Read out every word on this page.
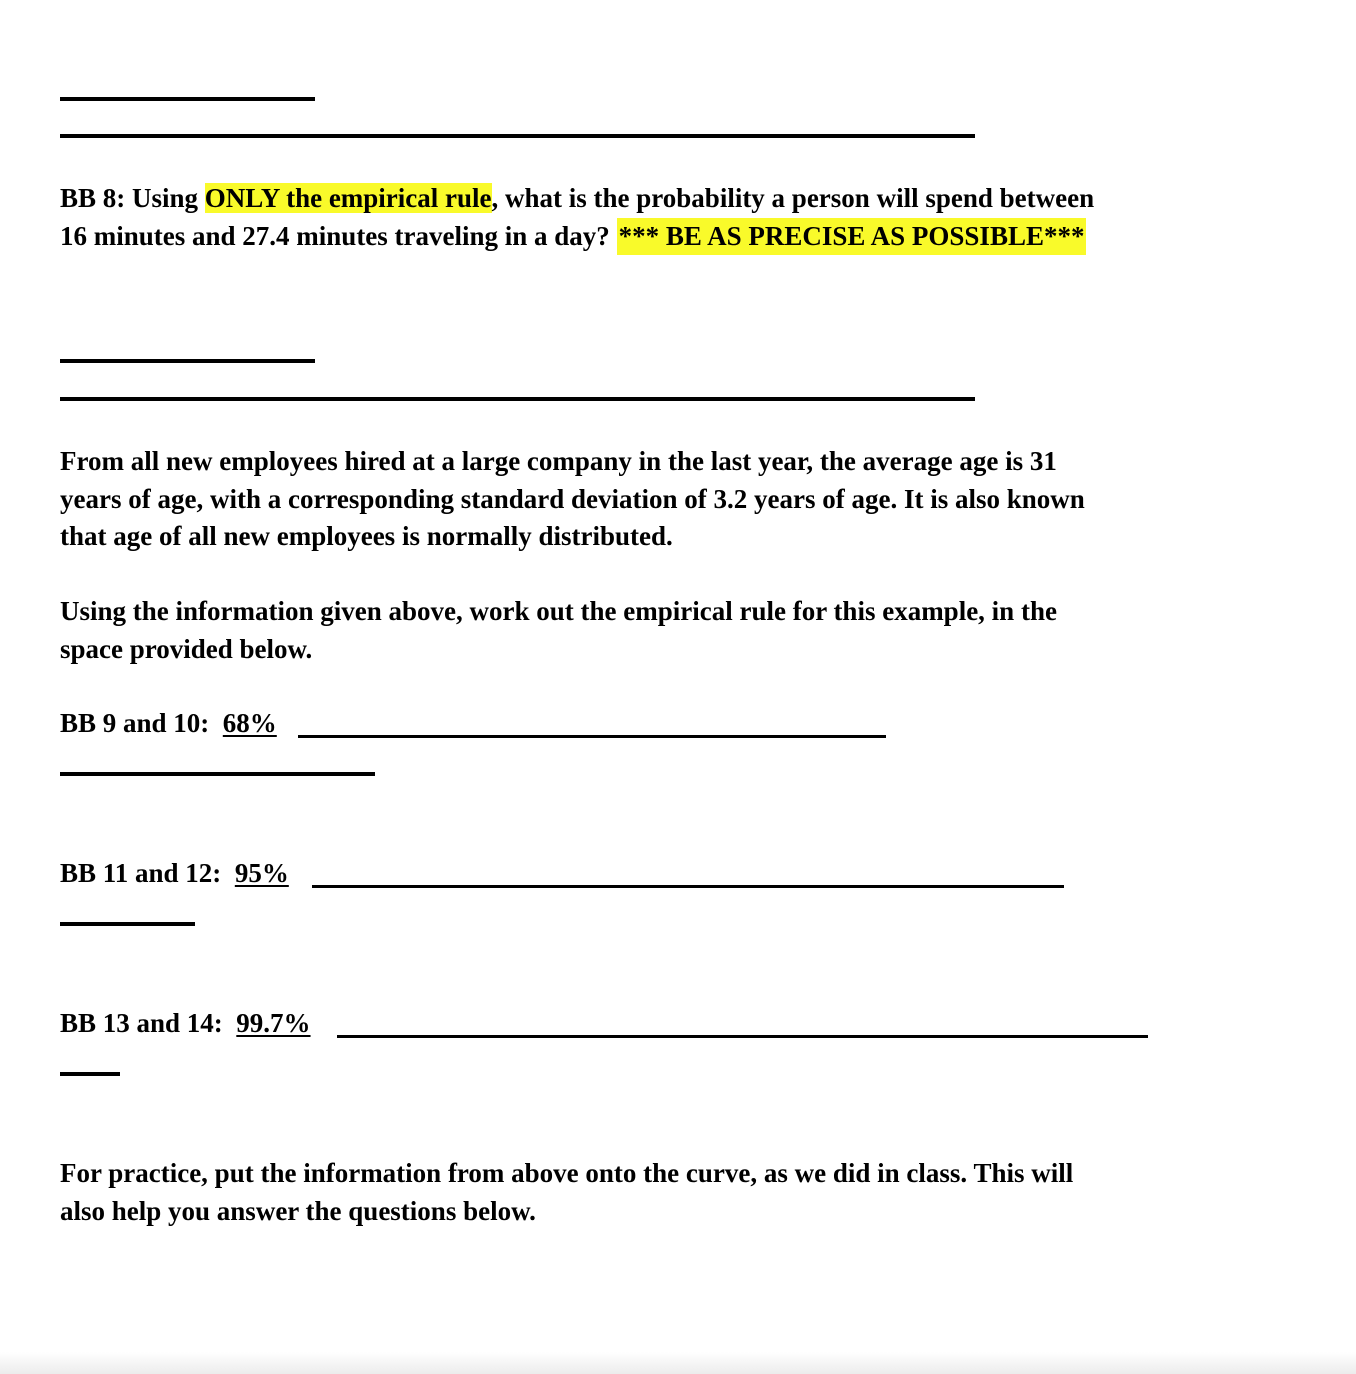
BB 8: Using ONLY the empirical rule, what is the probability a person will spend between
16 minutes and 27.4 minutes traveling in a day? *** BE AS PRECISE AS POSSIBLE***
From all new employees hired at a large company in the last year, the average age is 31
years of age, with a corresponding standard deviation of 3.2 years of age. It is also known
that age of all new employees is normally distributed.
Using the information given above, work out the empirical rule for this example, in the
space provided below.
BB 9 and 10: 68%
BB 11 and 12: 95%
BB 13 and 14: 99.7%
For practice, put the information from above onto the curve, as we did in class. This will
also help you answer the questions below.
